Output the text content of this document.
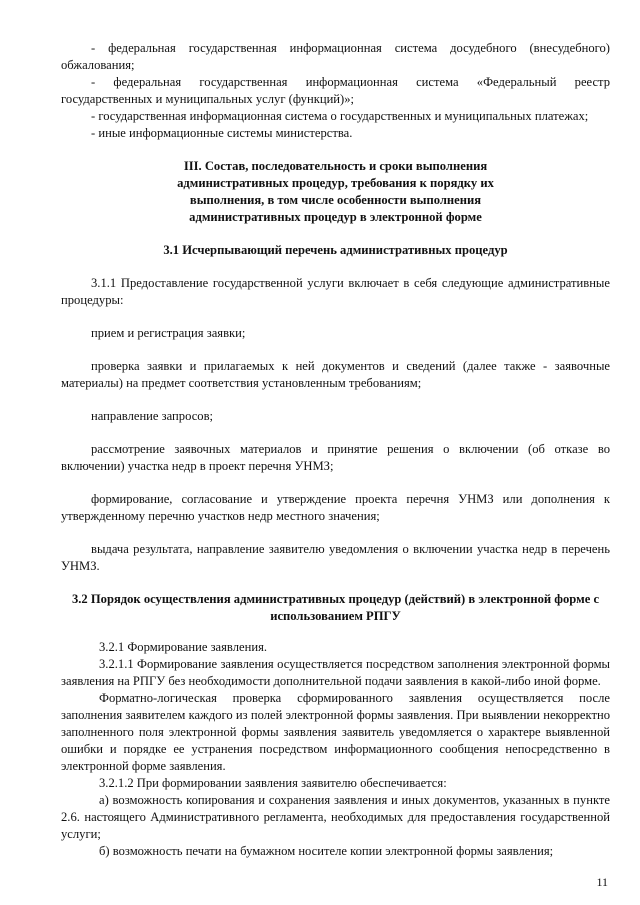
- федеральная государственная информационная система досудебного (внесудебного) обжалования;

- федеральная государственная информационная система «Федеральный реестр государственных и муниципальных услуг (функций)»;

- государственная информационная система о государственных и муниципальных платежах;

- иные информационные системы министерства.

III. Состав, последовательность и сроки выполнения

административных процедур, требования к порядку их

выполнения, в том числе особенности выполнения

административных процедур в электронной форме

3.1 Исчерпывающий перечень административных процедур

3.1.1 Предоставление государственной услуги включает в себя следующие административные процедуры:

прием и регистрация заявки;

проверка заявки и прилагаемых к ней документов и сведений (далее также - заявочные материалы) на предмет соответствия установленным требованиям;

направление запросов;

рассмотрение заявочных материалов и принятие решения о включении (об отказе во включении) участка недр в проект перечня УНМЗ;

формирование, согласование и утверждение проекта перечня УНМЗ или дополнения к утвержденному перечню участков недр местного значения;

выдача результата, направление заявителю уведомления о включении участка недр в перечень УНМЗ.

3.2 Порядок осуществления административных процедур (действий) в электронной форме с использованием РПГУ

3.2.1 Формирование заявления.

3.2.1.1 Формирование заявления осуществляется посредством заполнения электронной формы заявления на РПГУ без необходимости дополнительной подачи заявления в какой-либо иной форме.

Форматно-логическая проверка сформированного заявления осуществляется после заполнения заявителем каждого из полей электронной формы заявления. При выявлении некорректно заполненного поля электронной формы заявления заявитель уведомляется о характере выявленной ошибки и порядке ее устранения посредством информационного сообщения непосредственно в электронной форме заявления.

3.2.1.2 При формировании заявления заявителю обеспечивается:

а) возможность копирования и сохранения заявления и иных документов, указанных в пункте 2.6. настоящего Административного регламента, необходимых для предоставления государственной услуги;

б) возможность печати на бумажном носителе копии электронной формы заявления;

11
